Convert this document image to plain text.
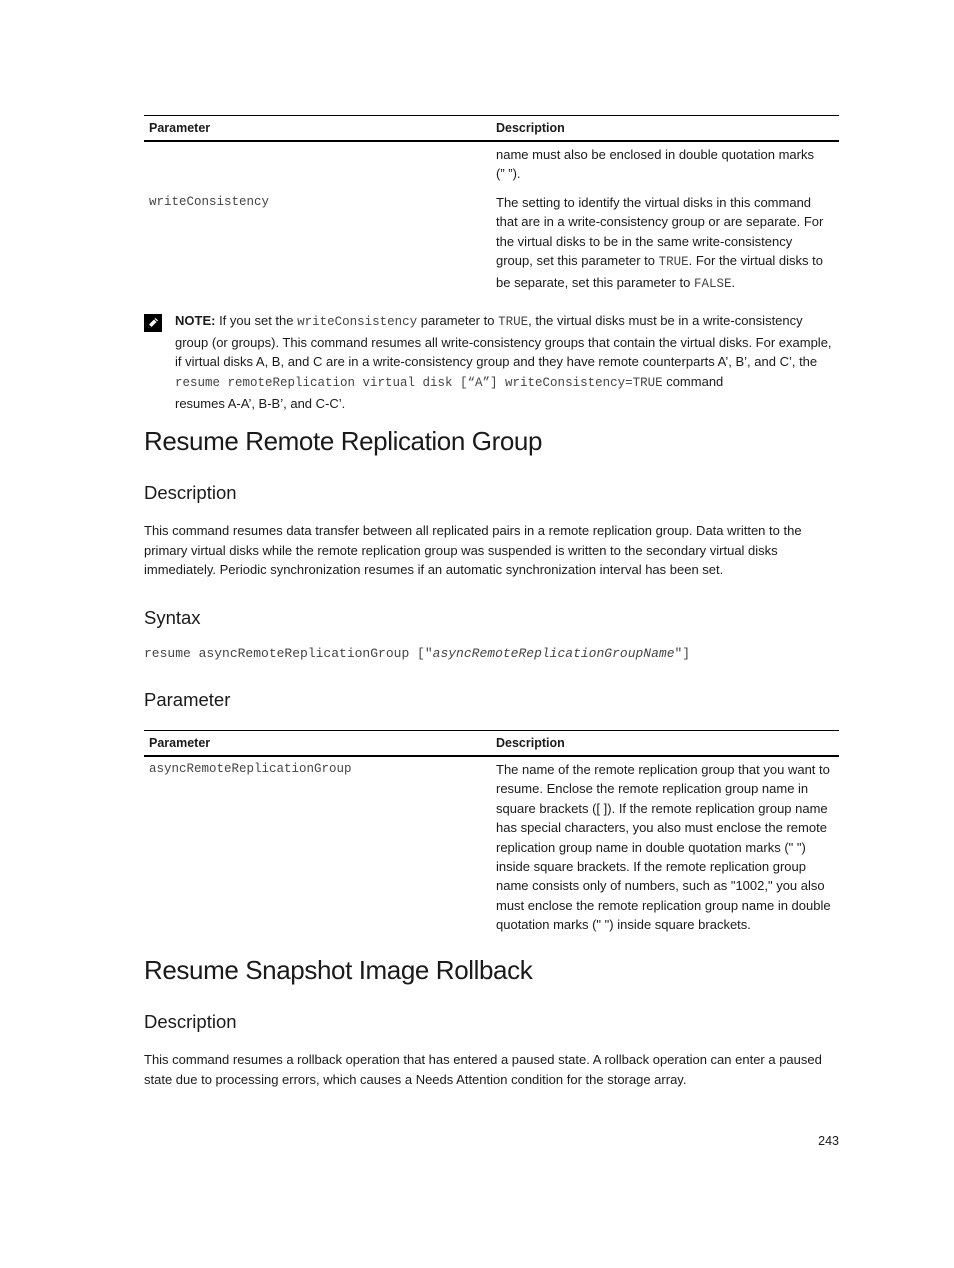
Parameter	Description
name must also be enclosed in double quotation marks
(” ”).
writeConsistency	The setting to identify the virtual disks in this command
that are in a write-consistency group or are separate. For
the virtual disks to be in the same write-consistency
group, set this parameter to TRUE. For the virtual disks to
be separate, set this parameter to FALSE.
NOTE: If you set the writeConsistency parameter to TRUE, the virtual disks must be in a write-consistency
group (or groups). This command resumes all write-consistency groups that contain the virtual disks. For example,
if virtual disks A, B, and C are in a write-consistency group and they have remote counterparts A’, B’, and C’, the
resume remoteReplication virtual disk [“A”] writeConsistency=TRUE command
resumes A-A’, B-B’, and C-C’.
Resume Remote Replication Group
Description
This command resumes data transfer between all replicated pairs in a remote replication group. Data written to the
primary virtual disks while the remote replication group was suspended is written to the secondary virtual disks
immediately. Periodic synchronization resumes if an automatic synchronization interval has been set.
Syntax
resume asyncRemoteReplicationGroup ["asyncRemoteReplicationGroupName"]
Parameter
Parameter	Description
asyncRemoteReplicationGroup	The name of the remote replication group that you want to
resume. Enclose the remote replication group name in
square brackets ([ ]). If the remote replication group name
has special characters, you also must enclose the remote
replication group name in double quotation marks (" ")
inside square brackets. If the remote replication group
name consists only of numbers, such as "1002," you also
must enclose the remote replication group name in double
quotation marks (" ") inside square brackets.
Resume Snapshot Image Rollback
Description
This command resumes a rollback operation that has entered a paused state. A rollback operation can enter a paused
state due to processing errors, which causes a Needs Attention condition for the storage array.
243
